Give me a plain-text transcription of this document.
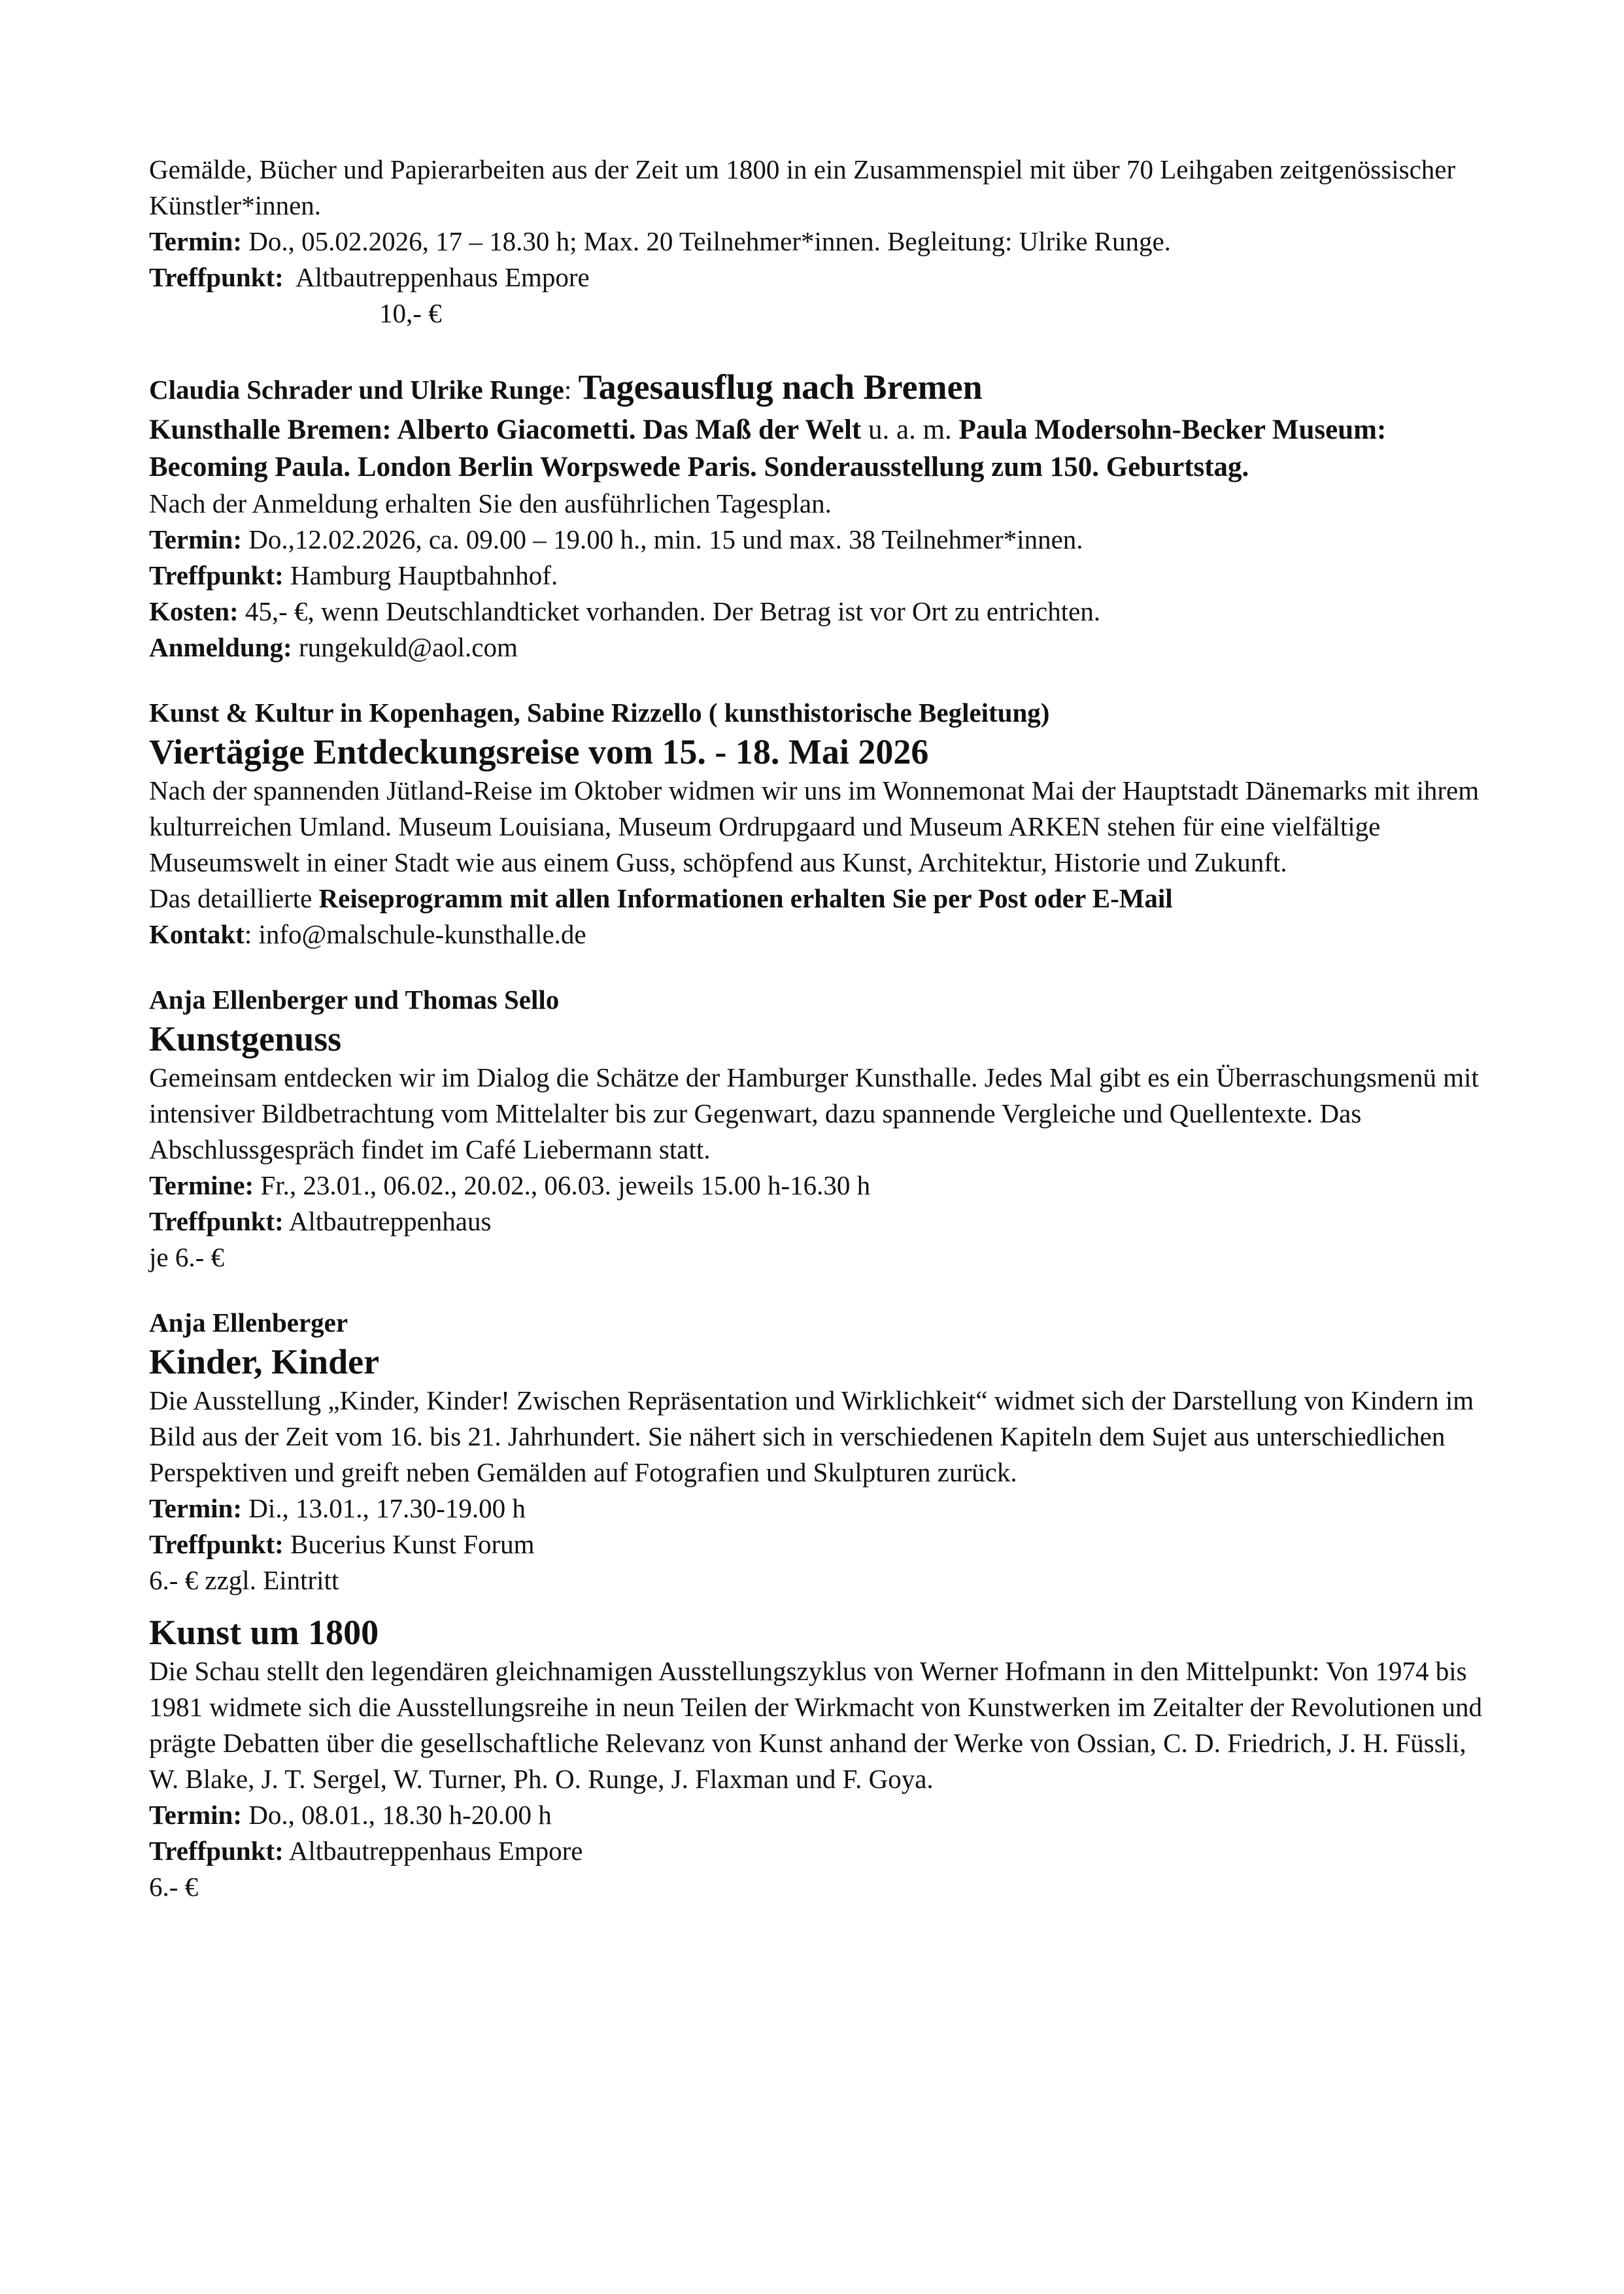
Gemälde, Bücher und Papierarbeiten aus der Zeit um 1800 in ein Zusammenspiel mit über 70 Leihgaben zeitgenössischer Künstler*innen.

Termin: Do., 05.02.2026, 17 – 18.30 h; Max. 20 Teilnehmer*innen. Begleitung: Ulrike Runge.

Treffpunkt:  Altbautreppenhaus Empore

10,- €

Claudia Schrader und Ulrike Runge: Tagesausflug nach Bremen

Kunsthalle Bremen: Alberto Giacometti. Das Maß der Welt u. a. m. Paula Modersohn-Becker Museum: Becoming Paula. London Berlin Worpswede Paris. Sonderausstellung zum 150. Geburtstag.

Nach der Anmeldung erhalten Sie den ausführlichen Tagesplan.

Termin: Do.,12.02.2026, ca. 09.00 – 19.00 h., min. 15 und max. 38 Teilnehmer*innen.

Treffpunkt: Hamburg Hauptbahnhof.

Kosten: 45,- €, wenn Deutschlandticket vorhanden. Der Betrag ist vor Ort zu entrichten.

Anmeldung: rungekuld@aol.com

Kunst & Kultur in Kopenhagen, Sabine Rizzello ( kunsthistorische Begleitung)

Viertägige Entdeckungsreise vom 15. - 18. Mai 2026

Nach der spannenden Jütland-Reise im Oktober widmen wir uns im Wonnemonat Mai der Hauptstadt Dänemarks mit ihrem kulturreichen Umland. Museum Louisiana, Museum Ordrupgaard und Museum ARKEN stehen für eine vielfältige Museumswelt in einer Stadt wie aus einem Guss, schöpfend aus Kunst, Architektur, Historie und Zukunft.

Das detaillierte Reiseprogramm mit allen Informationen erhalten Sie per Post oder E-Mail

Kontakt: info@malschule-kunsthalle.de

Anja Ellenberger und Thomas Sello

Kunstgenuss

Gemeinsam entdecken wir im Dialog die Schätze der Hamburger Kunsthalle. Jedes Mal gibt es ein Überraschungsmenü mit intensiver Bildbetrachtung vom Mittelalter bis zur Gegenwart, dazu spannende Vergleiche und Quellentexte. Das Abschlussgespräch findet im Café Liebermann statt.

Termine: Fr., 23.01., 06.02., 20.02., 06.03. jeweils 15.00 h-16.30 h

Treffpunkt: Altbautreppenhaus

je 6.- €

Anja Ellenberger

Kinder, Kinder

Die Ausstellung „Kinder, Kinder! Zwischen Repräsentation und Wirklichkeit“ widmet sich der Darstellung von Kindern im Bild aus der Zeit vom 16. bis 21. Jahrhundert. Sie nähert sich in verschiedenen Kapiteln dem Sujet aus unterschiedlichen Perspektiven und greift neben Gemälden auf Fotografien und Skulpturen zurück.

Termin: Di., 13.01., 17.30-19.00 h

Treffpunkt: Bucerius Kunst Forum

6.- € zzgl. Eintritt

Kunst um 1800

Die Schau stellt den legendären gleichnamigen Ausstellungszyklus von Werner Hofmann in den Mittelpunkt: Von 1974 bis 1981 widmete sich die Ausstellungsreihe in neun Teilen der Wirkmacht von Kunstwerken im Zeitalter der Revolutionen und prägte Debatten über die gesellschaftliche Relevanz von Kunst anhand der Werke von Ossian, C. D. Friedrich, J. H. Füssli, W. Blake, J. T. Sergel, W. Turner, Ph. O. Runge, J. Flaxman und F. Goya.

Termin: Do., 08.01., 18.30 h-20.00 h

Treffpunkt: Altbautreppenhaus Empore

6.- €
